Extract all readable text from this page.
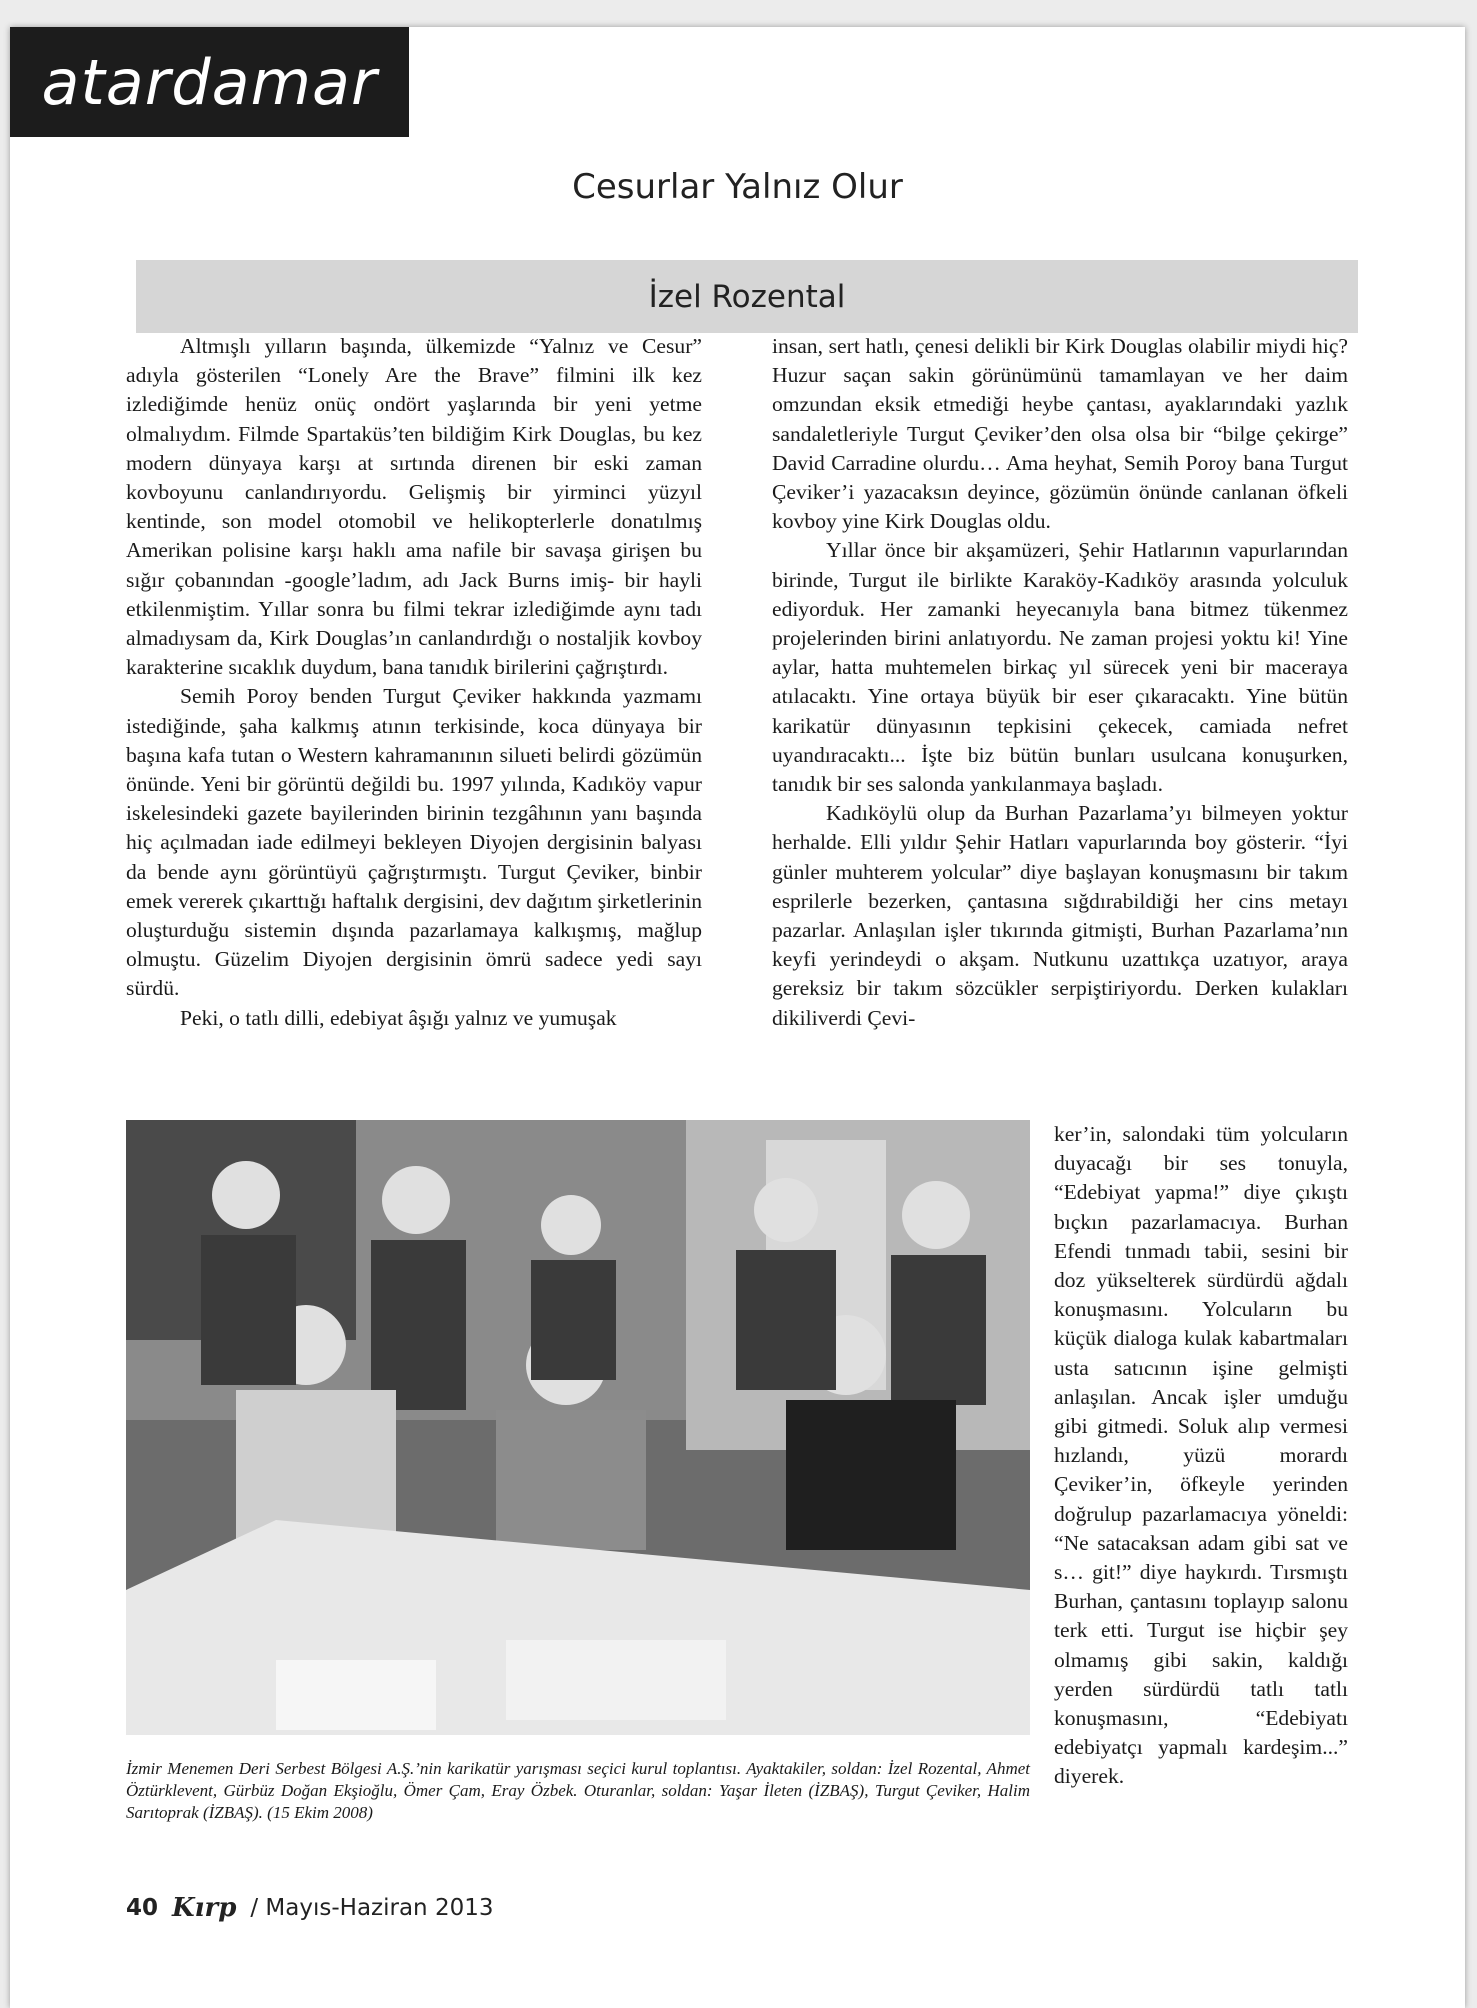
atardamar
Cesurlar Yalnız Olur
İzel Rozental

Altmışlı yılların başında, ülkemizde “Yalnız ve Cesur” adıyla gösterilen “Lonely Are the Brave” filmini ilk kez izlediğimde henüz onüç ondört yaşlarında bir yeni yetme olmalıydım. Filmde Spartaküs’ten bildiğim Kirk Douglas, bu kez modern dünyaya karşı at sırtında direnen bir eski zaman kovboyunu canlandırıyordu. Gelişmiş bir yirminci yüzyıl kentinde, son model otomobil ve helikopterlerle donatılmış Amerikan polisine karşı haklı ama nafile bir savaşa girişen bu sığır çobanından -google’ladım, adı Jack Burns imiş- bir hayli etkilenmiştim. Yıllar sonra bu filmi tekrar izlediğimde aynı tadı almadıysam da, Kirk Douglas’ın canlandırdığı o nostaljik kovboy karakterine sıcaklık duydum, bana tanıdık birilerini çağrıştırdı.

Semih Poroy benden Turgut Çeviker hakkında yazmamı istediğinde, şaha kalkmış atının terkisinde, koca dünyaya bir başına kafa tutan o Western kahramanının silueti belirdi gözümün önünde. Yeni bir görüntü değildi bu. 1997 yılında, Kadıköy vapur iskelesindeki gazete bayilerinden birinin tezgâhının yanı başında hiç açılmadan iade edilmeyi bekleyen Diyojen dergisinin balyası da bende aynı görüntüyü çağrıştırmıştı. Turgut Çeviker, binbir emek vererek çıkarttığı haftalık dergisini, dev dağıtım şirketlerinin oluşturduğu sistemin dışında pazarlamaya kalkışmış, mağlup olmuştu. Güzelim Diyojen dergisinin ömrü sadece yedi sayı sürdü.

Peki, o tatlı dilli, edebiyat âşığı yalnız ve yumuşak

insan, sert hatlı, çenesi delikli bir Kirk Douglas olabilir miydi hiç? Huzur saçan sakin görünümünü tamamlayan ve her daim omzundan eksik etmediği heybe çantası, ayaklarındaki yazlık sandaletleriyle Turgut Çeviker’den olsa olsa bir “bilge çekirge” David Carradine olurdu… Ama heyhat, Semih Poroy bana Turgut Çeviker’i yazacaksın deyince, gözümün önünde canlanan öfkeli kovboy yine Kirk Douglas oldu.

Yıllar önce bir akşamüzeri, Şehir Hatlarının vapurlarından birinde, Turgut ile birlikte Karaköy-Kadıköy arasında yolculuk ediyorduk. Her zamanki heyecanıyla bana bitmez tükenmez projelerinden birini anlatıyordu. Ne zaman projesi yoktu ki! Yine aylar, hatta muhtemelen birkaç yıl sürecek yeni bir maceraya atılacaktı. Yine ortaya büyük bir eser çıkaracaktı. Yine bütün karikatür dünyasının tepkisini çekecek, camiada nefret uyandıracaktı... İşte biz bütün bunları usulcana konuşurken, tanıdık bir ses salonda yankılanmaya başladı.

Kadıköylü olup da Burhan Pazarlama’yı bilmeyen yoktur herhalde. Elli yıldır Şehir Hatları vapurlarında boy gösterir. “İyi günler muhterem yolcular” diye başlayan konuşmasını bir takım esprilerle bezerken, çantasına sığdırabildiği her cins metayı pazarlar. Anlaşılan işler tıkırında gitmişti, Burhan Pazarlama’nın keyfi yerindeydi o akşam. Nutkunu uzattıkça uzatıyor, araya gereksiz bir takım sözcükler serpiştiriyordu. Derken kulakları dikiliverdi Çevi-

ker’in, salondaki tüm yolcuların duyacağı bir ses tonuyla, “Edebiyat yapma!” diye çıkıştı bıçkın pazarlamacıya. Burhan Efendi tınmadı tabii, sesini bir doz yükselterek sürdürdü ağdalı konuşmasını. Yolcuların bu küçük dialoga kulak kabartmaları usta satıcının işine gelmişti anlaşılan. Ancak işler umduğu gibi gitmedi. Soluk alıp vermesi hızlandı, yüzü morardı Çeviker’in, öfkeyle yerinden doğrulup pazarlamacıya yöneldi: “Ne satacaksan adam gibi sat ve s… git!” diye haykırdı. Tırsmıştı Burhan, çantasını toplayıp salonu terk etti. Turgut ise hiçbir şey olmamış gibi sakin, kaldığı yerden sürdürdü tatlı tatlı konuşmasını, “Edebiyatı edebiyatçı yapmalı kardeşim...” diyerek.

İzmir Menemen Deri Serbest Bölgesi A.Ş.’nin karikatür yarışması seçici kurul toplantısı. Ayaktakiler, soldan: İzel Rozental, Ahmet Öztürklevent, Gürbüz Doğan Ekşioğlu, Ömer Çam, Eray Özbek. Oturanlar, soldan: Yaşar İleten (İZBAŞ), Turgut Çeviker, Halim Sarıtoprak (İZBAŞ). (15 Ekim 2008)
40 Kırp / Mayıs-Haziran 2013
